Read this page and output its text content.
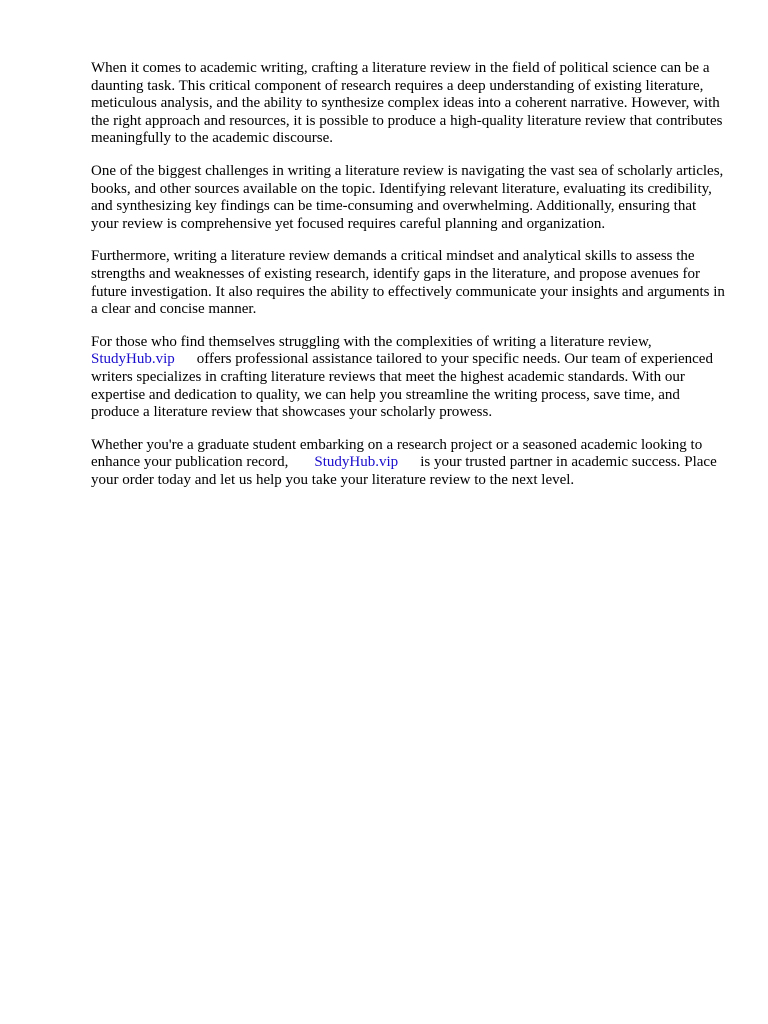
When it comes to academic writing, crafting a literature review in the field of political science can be a daunting task. This critical component of research requires a deep understanding of existing literature, meticulous analysis, and the ability to synthesize complex ideas into a coherent narrative. However, with the right approach and resources, it is possible to produce a high-quality literature review that contributes meaningfully to the academic discourse.

One of the biggest challenges in writing a literature review is navigating the vast sea of scholarly articles, books, and other sources available on the topic. Identifying relevant literature, evaluating its credibility, and synthesizing key findings can be time-consuming and overwhelming. Additionally, ensuring that your review is comprehensive yet focused requires careful planning and organization.

Furthermore, writing a literature review demands a critical mindset and analytical skills to assess the strengths and weaknesses of existing research, identify gaps in the literature, and propose avenues for future investigation. It also requires the ability to effectively communicate your insights and arguments in a clear and concise manner.

For those who find themselves struggling with the complexities of writing a literature review, StudyHub.vip offers professional assistance tailored to your specific needs. Our team of experienced writers specializes in crafting literature reviews that meet the highest academic standards. With our expertise and dedication to quality, we can help you streamline the writing process, save time, and produce a literature review that showcases your scholarly prowess.

Whether you're a graduate student embarking on a research project or a seasoned academic looking to enhance your publication record, StudyHub.vip is your trusted partner in academic success. Place your order today and let us help you take your literature review to the next level.
